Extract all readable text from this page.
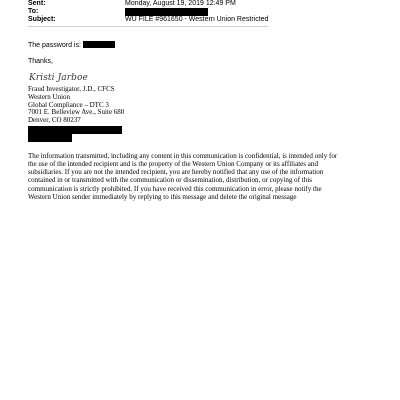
Sent:	Monday, August 19, 2019 12:49 PM
To:
Subject:	WU FILE #961650 - Western Union Restricted
The password is:
Thanks,
Kristi Jarboe
Fraud Investigator, J.D., CFCS
Western Union
Global Compliance – DTC 3
7001 E. Belleview Ave., Suite 680
Denver, CO 80237
The information transmitted, including any content in this communication is confidential, is intended only for
the use of the intended recipient and is the property of the Western Union Company or its affiliates and
subsidiaries. If you are not the intended recipient, you are hereby notified that any use of the information
contained in or transmitted with the communication or dissemination, distribution, or copying of this
communication is strictly prohibited. If you have received this communication in error, please notify the
Western Union sender immediately by replying to this message and delete the original message
